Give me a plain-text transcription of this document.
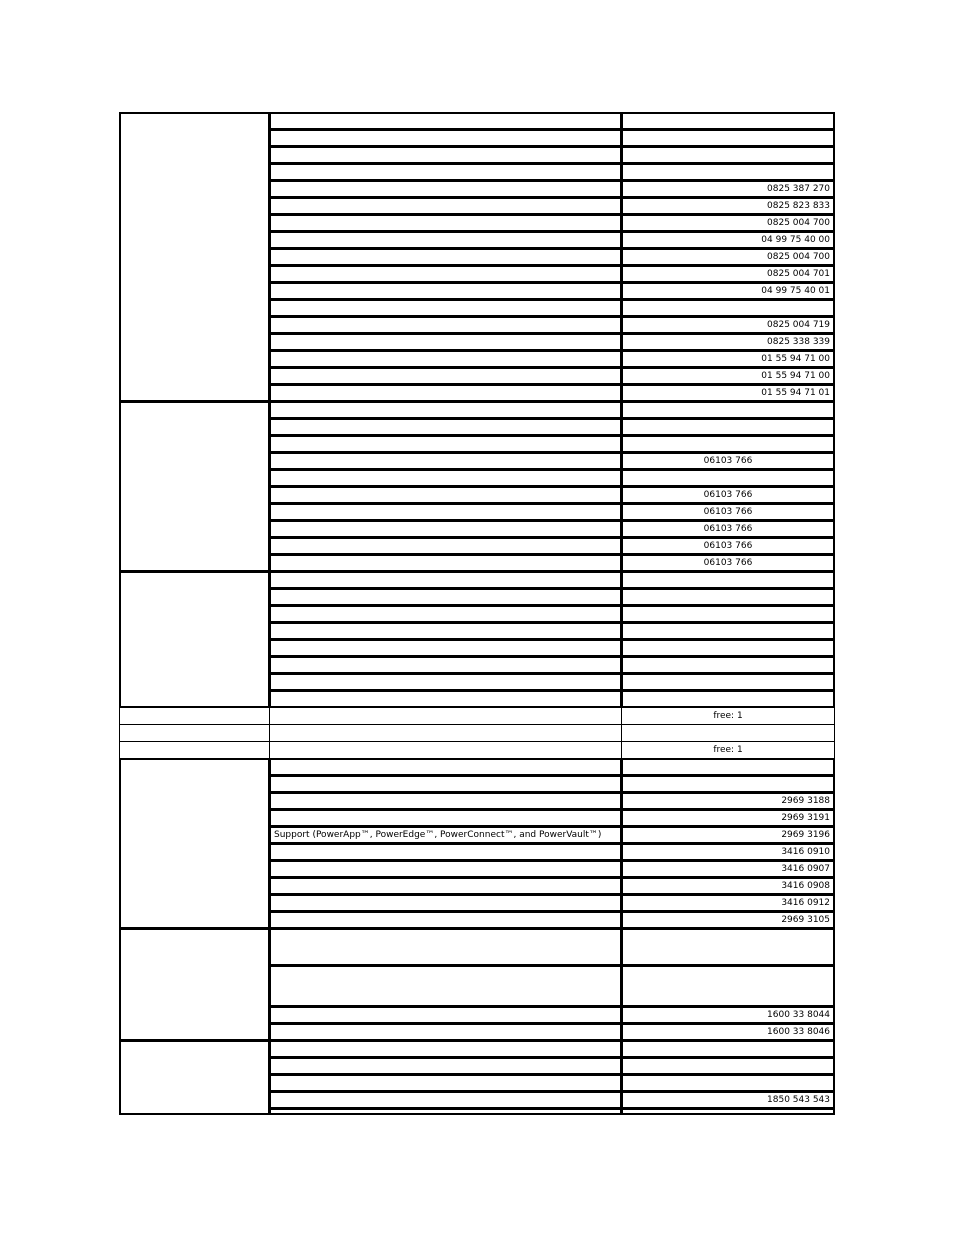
0825 387 270
0825 823 833
0825 004 700
04 99 75 40 00
0825 004 700
0825 004 701
04 99 75 40 01
0825 004 719
0825 338 339
01 55 94 71 00
01 55 94 71 00
01 55 94 71 01
06103 766
06103 766
06103 766
06103 766
06103 766
06103 766
free: 1
free: 1
2969 3188
2969 3191
Support (PowerApp™, PowerEdge™, PowerConnect™, and PowerVault™)	2969 3196
3416 0910
3416 0907
3416 0908
3416 0912
2969 3105
1600 33 8044
1600 33 8046
1850 543 543
